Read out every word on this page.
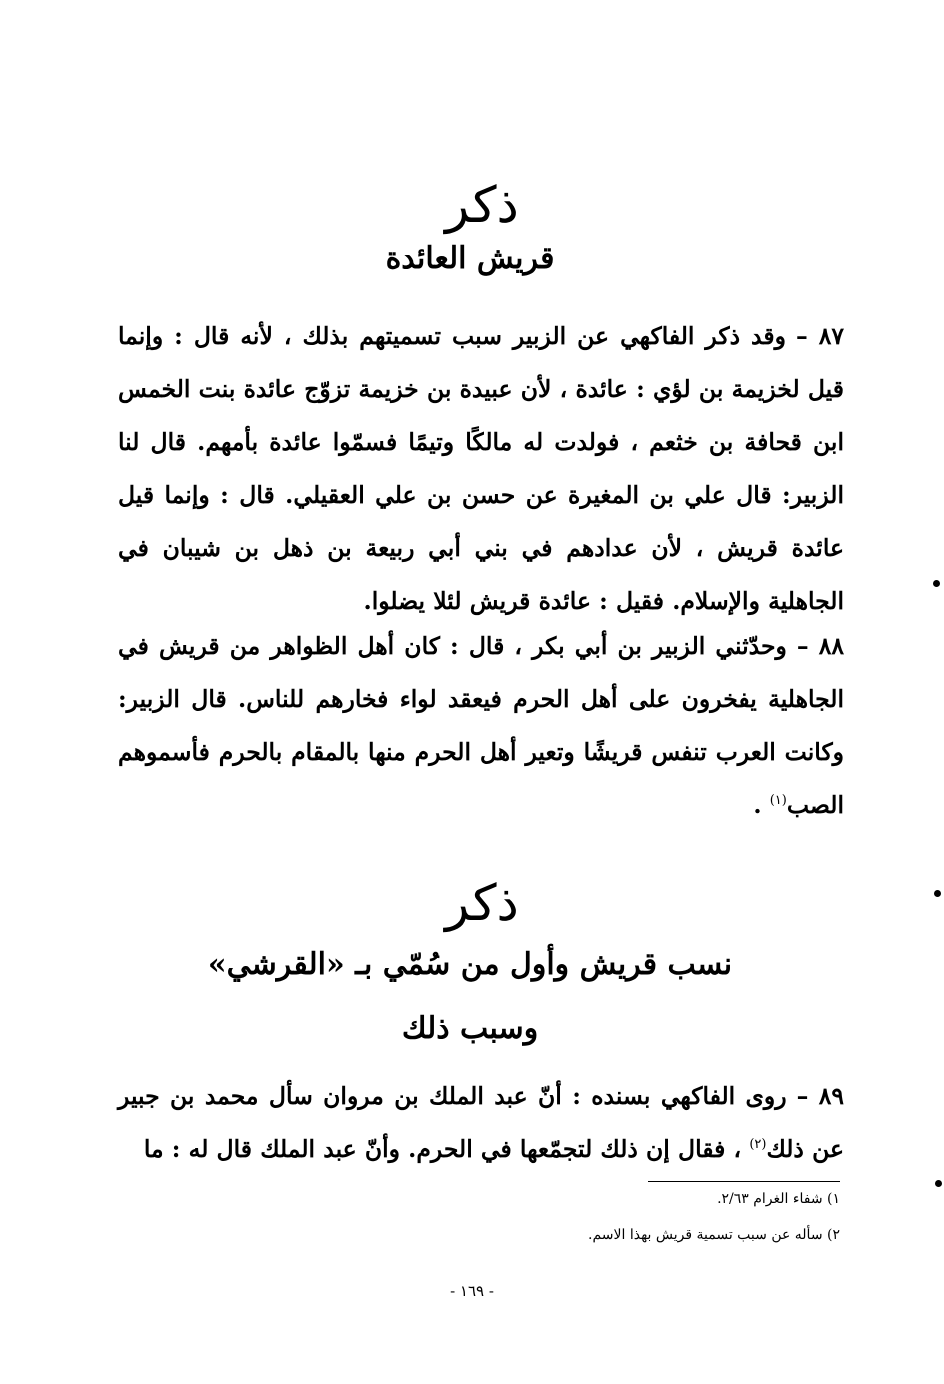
ذكر
قريش العائدة
٨٧ –وقد ذكر الفاكهي عن الزبير سبب تسميتهم بذلك ، لأنه قال : وإنما قيل لخزيمة بن لؤي : عائدة ، لأن عبيدة بن خزيمة تزوّج عائدة بنت الخمس ابن قحافة بن خثعم ، فولدت له مالكًا وتيمًا فسمّوا عائدة بأمهم. قال لنا الزبير: قال علي بن المغيرة عن حسن بن علي العقيلي. قال : وإنما قيل عائدة قريش ، لأن عدادهم في بني أبي ربيعة بن ذهل بن شيبان في الجاهلية والإسلام. فقيل : عائدة قريش لئلا يضلوا.
٨٨ –وحدّثني الزبير بن أبي بكر ، قال : كان أهل الظواهر من قريش في الجاهلية يفخرون على أهل الحرم فيعقد لواء فخارهم للناس. قال الزبير: وكانت العرب تنفس قريشًا وتعير أهل الحرم منها بالمقام بالحرم فأسموهم الصب$^{(١)}$ .
ذكر
نسب قريش وأول من سُمّي بـ «القرشي»
وسبب ذلك
٨٩ –روى الفاكهي بسنده : أنّ عبد الملك بن مروان سأل محمد بن جبير عن ذلك$^{(٢)}$ ، فقال إن ذلك لتجمّعها في الحرم. وأنّ عبد الملك قال له : ما
١) شفاء الغرام ٢/٦٣.
٢) سأله عن سبب تسمية قريش بهذا الاسم.
- ١٦٩ -
